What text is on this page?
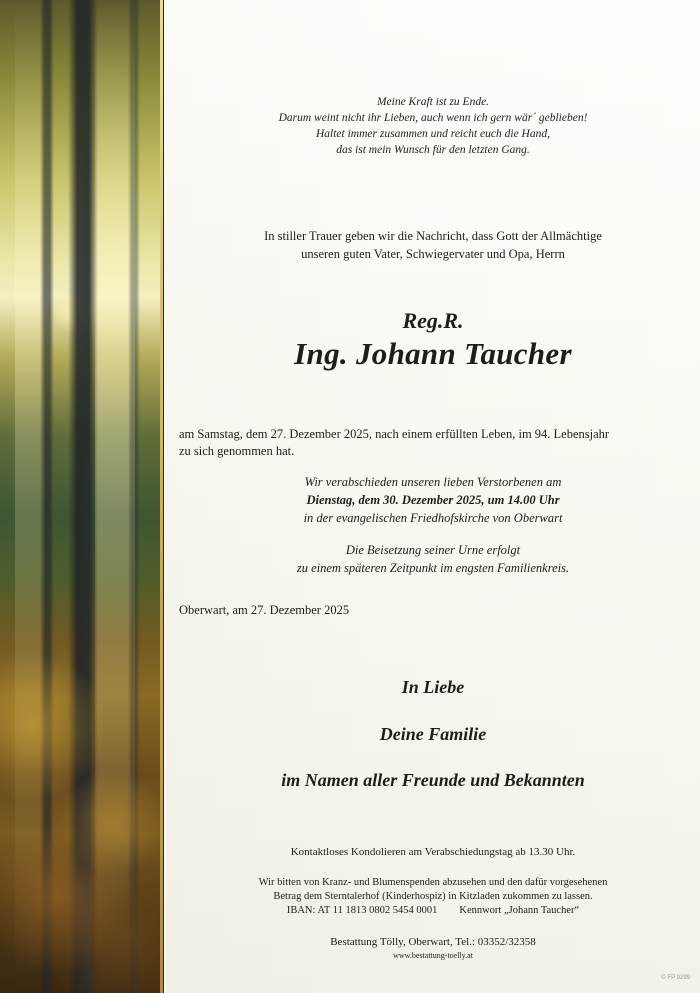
Meine Kraft ist zu Ende.
Darum weint nicht ihr Lieben, auch wenn ich gern wär´ geblieben!
Haltet immer zusammen und reicht euch die Hand,
das ist mein Wunsch für den letzten Gang.
In stiller Trauer geben wir die Nachricht, dass Gott der Allmächtige
unseren guten Vater, Schwiegervater und Opa, Herrn
Reg.R.
Ing. Johann Taucher
am Samstag, dem 27. Dezember 2025, nach einem erfüllten Leben, im 94. Lebensjahr
zu sich genommen hat.
Wir verabschieden unseren lieben Verstorbenen am
Dienstag, dem 30. Dezember 2025, um 14.00 Uhr
in der evangelischen Friedhofskirche von Oberwart
Die Beisetzung seiner Urne erfolgt
zu einem späteren Zeitpunkt im engsten Familienkreis.
Oberwart, am 27. Dezember 2025
In Liebe
Deine Familie
im Namen aller Freunde und Bekannten
Kontaktloses Kondolieren am Verabschiedungstag ab 13.30 Uhr.
Wir bitten von Kranz- und Blumenspenden abzusehen und den dafür vorgesehenen
Betrag dem Sterntalerhof (Kinderhospiz) in Kitzladen zukommen zu lassen.
IBAN: AT 11 1813 0802 5454 0001 Kennwort „Johann Taucher“
Bestattung Tölly, Oberwart, Tel.: 03352/32358
www.bestattung-toelly.at
© FP 9299
